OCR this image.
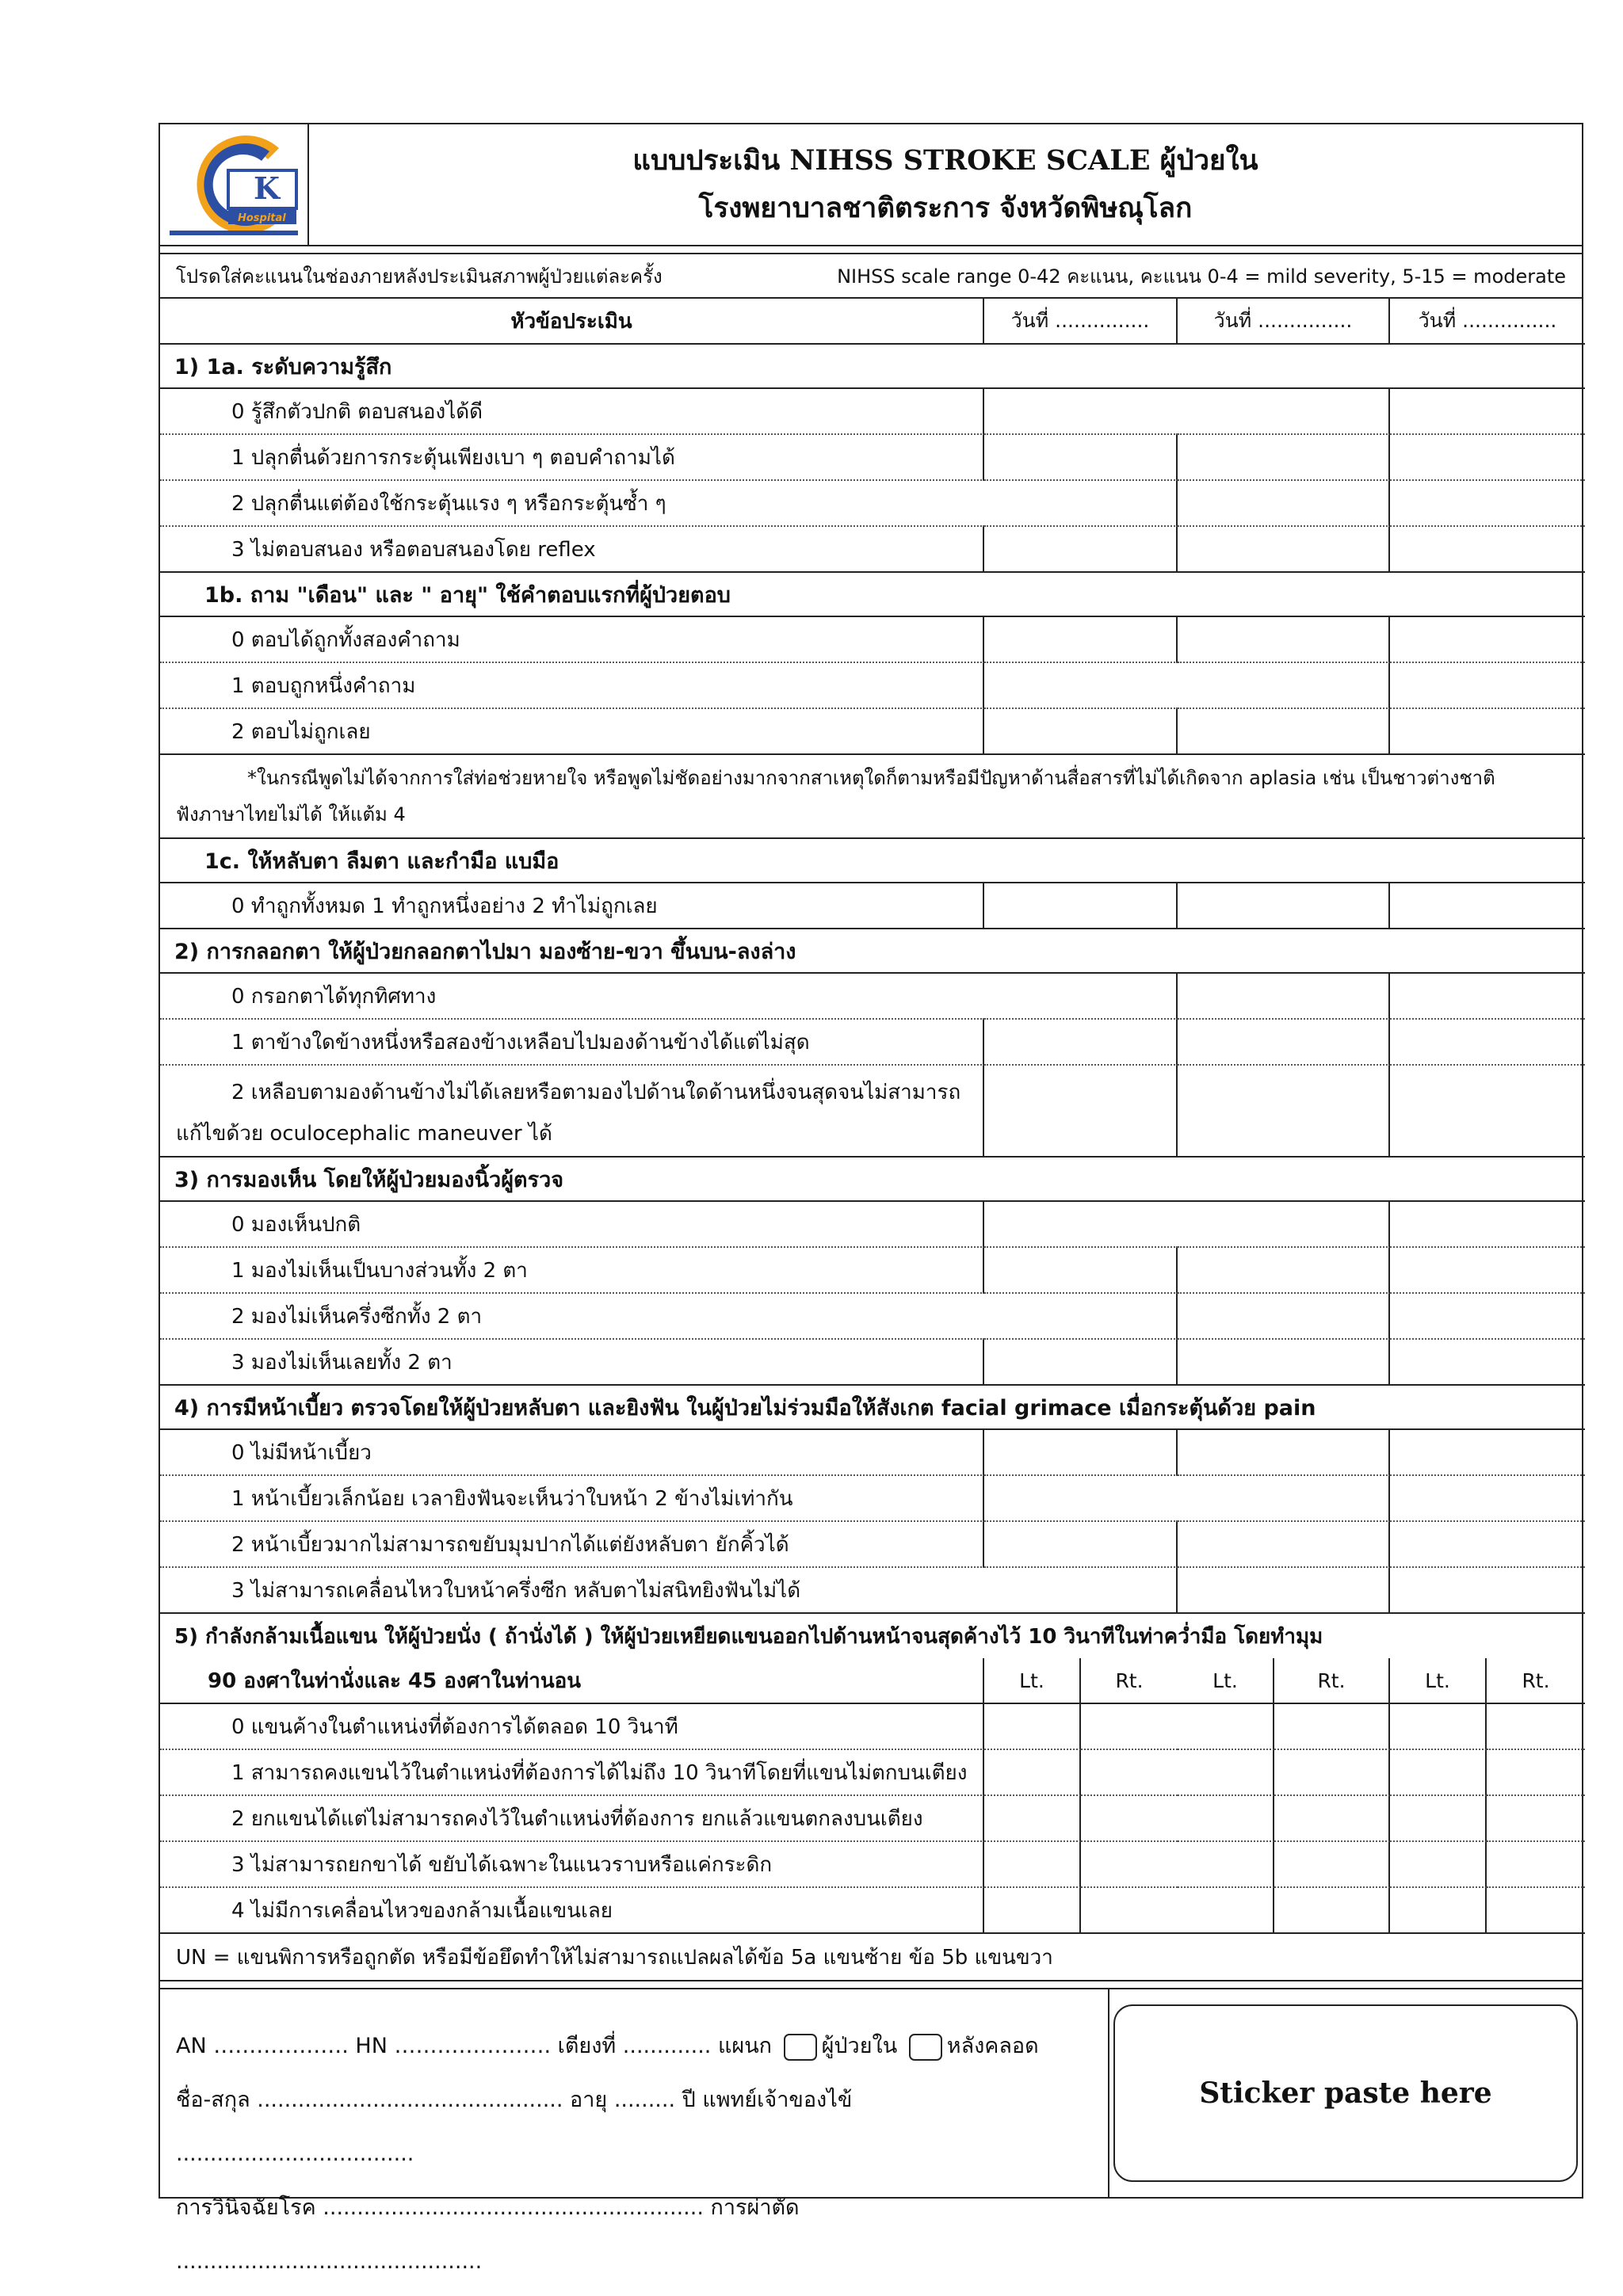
K
Hospital
แบบประเมิน NIHSS STROKE SCALE ผู้ป่วยใน
โรงพยาบาลชาติตระการ จังหวัดพิษณุโลก
โปรดใส่คะแนนในช่องภายหลังประเมินสภาพผู้ป่วยแต่ละครั้ง	NIHSS scale range 0-42 คะแนน, คะแนน 0-4 = mild severity, 5-15 = moderate
หัวข้อประเมิน	วันที่ ...............	วันที่ ...............	วันที่ ...............
1) 1a. ระดับความรู้สึก
0 รู้สึกตัวปกติ ตอบสนองได้ดี
1 ปลุกตื่นด้วยการกระตุ้นเพียงเบา ๆ ตอบคำถามได้
2 ปลุกตื่นแต่ต้องใช้กระตุ้นแรง ๆ หรือกระตุ้นซ้ำ ๆ
3 ไม่ตอบสนอง หรือตอบสนองโดย reflex
1b. ถาม "เดือน" และ " อายุ" ใช้คำตอบแรกที่ผู้ป่วยตอบ
0 ตอบได้ถูกทั้งสองคำถาม
1 ตอบถูกหนึ่งคำถาม
2 ตอบไม่ถูกเลย
*ในกรณีพูดไม่ได้จากการใส่ท่อช่วยหายใจ หรือพูดไม่ชัดอย่างมากจากสาเหตุใดก็ตามหรือมีปัญหาด้านสื่อสารที่ไม่ได้เกิดจาก aplasia เช่น เป็นชาวต่างชาติ
ฟังภาษาไทยไม่ได้ ให้แต้ม 4
1c. ให้หลับตา ลืมตา และกำมือ แบมือ
0 ทำถูกทั้งหมด 1 ทำถูกหนึ่งอย่าง 2 ทำไม่ถูกเลย
2) การกลอกตา ให้ผู้ป่วยกลอกตาไปมา มองซ้าย-ขวา ขึ้นบน-ลงล่าง
0 กรอกตาได้ทุกทิศทาง
1 ตาข้างใดข้างหนึ่งหรือสองข้างเหลือบไปมองด้านข้างได้แต่ไม่สุด
2 เหลือบตามองด้านข้างไม่ได้เลยหรือตามองไปด้านใดด้านหนึ่งจนสุดจนไม่สามารถ
แก้ไขด้วย oculocephalic maneuver ได้
3) การมองเห็น โดยให้ผู้ป่วยมองนิ้วผู้ตรวจ
0 มองเห็นปกติ
1 มองไม่เห็นเป็นบางส่วนทั้ง 2 ตา
2 มองไม่เห็นครึ่งซีกทั้ง 2 ตา
3 มองไม่เห็นเลยทั้ง 2 ตา
4) การมีหน้าเบี้ยว ตรวจโดยให้ผู้ป่วยหลับตา และยิงฟัน ในผู้ป่วยไม่ร่วมมือให้สังเกต facial grimace เมื่อกระตุ้นด้วย pain
0 ไม่มีหน้าเบี้ยว
1 หน้าเบี้ยวเล็กน้อย เวลายิงฟันจะเห็นว่าใบหน้า 2 ข้างไม่เท่ากัน
2 หน้าเบี้ยวมากไม่สามารถขยับมุมปากได้แต่ยังหลับตา ยักคิ้วได้
3 ไม่สามารถเคลื่อนไหวใบหน้าครึ่งซีก หลับตาไม่สนิทยิงฟันไม่ได้
5) กำลังกล้ามเนื้อแขน ให้ผู้ป่วยนั่ง ( ถ้านั่งได้ ) ให้ผู้ป่วยเหยียดแขนออกไปด้านหน้าจนสุดค้างไว้ 10 วินาทีในท่าคว่ำมือ โดยทำมุม
90 องศาในท่านั่งและ 45 องศาในท่านอน	Lt.	Rt.	Lt.	Rt.	Lt.	Rt.
0 แขนค้างในตำแหน่งที่ต้องการได้ตลอด 10 วินาที
1 สามารถคงแขนไว้ในตำแหน่งที่ต้องการได้ไม่ถึง 10 วินาทีโดยที่แขนไม่ตกบนเตียง
2 ยกแขนได้แต่ไม่สามารถคงไว้ในตำแหน่งที่ต้องการ ยกแล้วแขนตกลงบนเตียง
3 ไม่สามารถยกขาได้ ขยับได้เฉพาะในแนวราบหรือแค่กระดิก
4 ไม่มีการเคลื่อนไหวของกล้ามเนื้อแขนเลย
UN = แขนพิการหรือถูกตัด หรือมีข้อยึดทำให้ไม่สามารถแปลผลได้ข้อ 5a แขนซ้าย ข้อ 5b แขนขวา
AN ………………. HN …………………. เตียงที่ ............. แผนก ผู้ป่วยใน หลังคลอด
ชื่อ-สกุล ............................................. อายุ ......... ปี แพทย์เจ้าของไข้ ...................................
การวินิจฉัยโรค ........................................................ การผ่าตัด .............................................
Sticker paste here
